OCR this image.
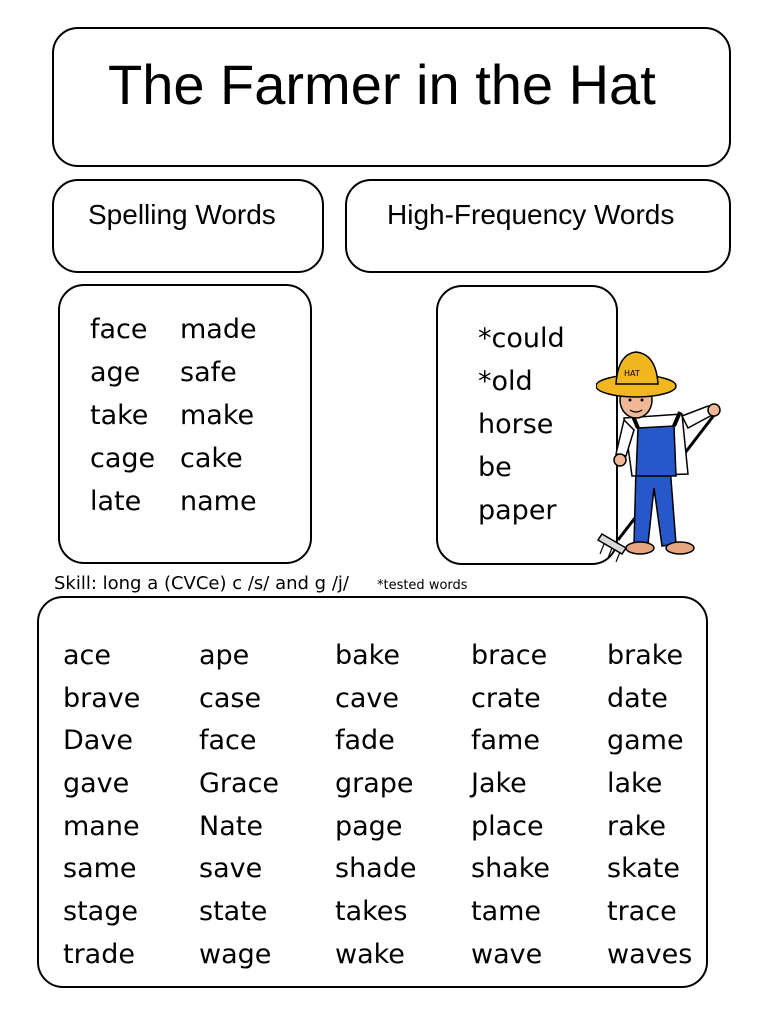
The Farmer in the Hat
Spelling Words	High-Frequency Words
face	made
age	safe
take	make
cage cake
late	name
*could
*old
horse
be
paper
HAT

Skill: long a (CVCe) c /s/ and g /j/ *tested words

ace	ape	bake	brace	brake
brave	case	cave	crate	date
Dave	face	fade	fame	game
gave	Grace	grape	Jake	lake
mane	Nate	page	place	rake
same	save	shade	shake	skate
stage	state	takes	tame	trace
trade	wage	wake	wave	waves
